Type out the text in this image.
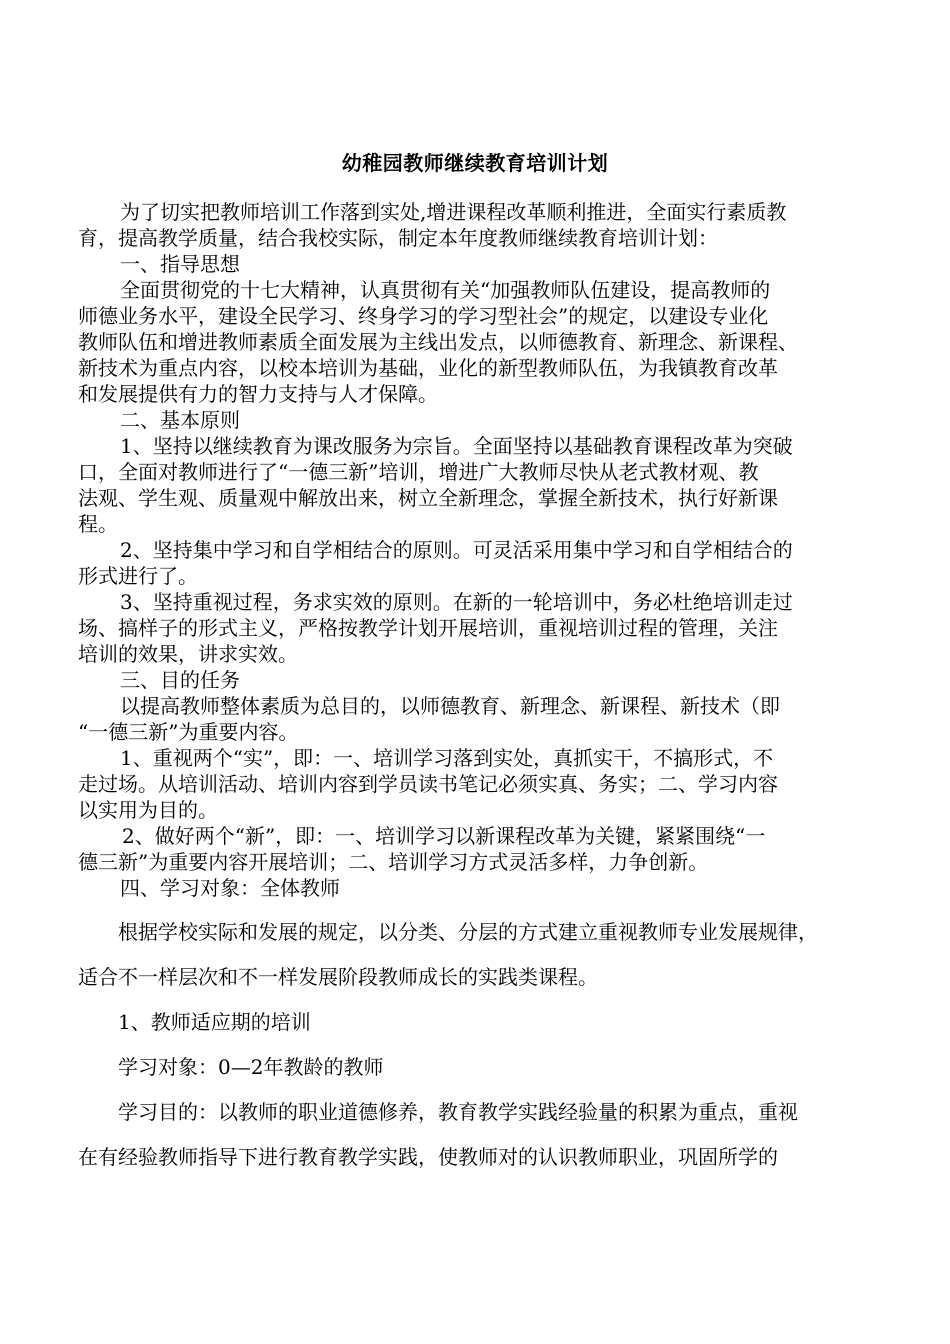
幼稚园教师继续教育培训计划
为了切实把教师培训工作落到实处,增进课程改革顺利推进，全面实行素质教
育，提高教学质量，结合我校实际，制定本年度教师继续教育培训计划：
一、指导思想
全面贯彻党的十七大精神，认真贯彻有关“加强教师队伍建设，提高教师的
师德业务水平，建设全民学习、终身学习的学习型社会”的规定，以建设专业化
教师队伍和增进教师素质全面发展为主线出发点，以师德教育、新理念、新课程、
新技术为重点内容，以校本培训为基础，业化的新型教师队伍，为我镇教育改革
和发展提供有力的智力支持与人才保障。
二、基本原则
1、坚持以继续教育为课改服务为宗旨。全面坚持以基础教育课程改革为突破
口，全面对教师进行了“一德三新”培训，增进广大教师尽快从老式教材观、教
法观、学生观、质量观中解放出来，树立全新理念，掌握全新技术，执行好新课
程。
2、坚持集中学习和自学相结合的原则。可灵活采用集中学习和自学相结合的
形式进行了。
3、坚持重视过程，务求实效的原则。在新的一轮培训中，务必杜绝培训走过
场、搞样子的形式主义，严格按教学计划开展培训，重视培训过程的管理，关注
培训的效果，讲求实效。
三、目的任务
以提高教师整体素质为总目的，以师德教育、新理念、新课程、新技术（即
“一德三新”为重要内容。
1、重视两个“实”，即：一、培训学习落到实处，真抓实干，不搞形式，不
走过场。从培训活动、培训内容到学员读书笔记必须实真、务实；二、学习内容
以实用为目的。
2、做好两个“新”，即：一、培训学习以新课程改革为关键，紧紧围绕“一
德三新”为重要内容开展培训；二、培训学习方式灵活多样，力争创新。
四、学习对象：全体教师
根据学校实际和发展的规定，以分类、分层的方式建立重视教师专业发展规律，
适合不一样层次和不一样发展阶段教师成长的实践类课程。
1、教师适应期的培训
学习对象：0—2年教龄的教师
学习目的：以教师的职业道德修养，教育教学实践经验量的积累为重点，重视
在有经验教师指导下进行教育教学实践，使教师对的认识教师职业，巩固所学的
